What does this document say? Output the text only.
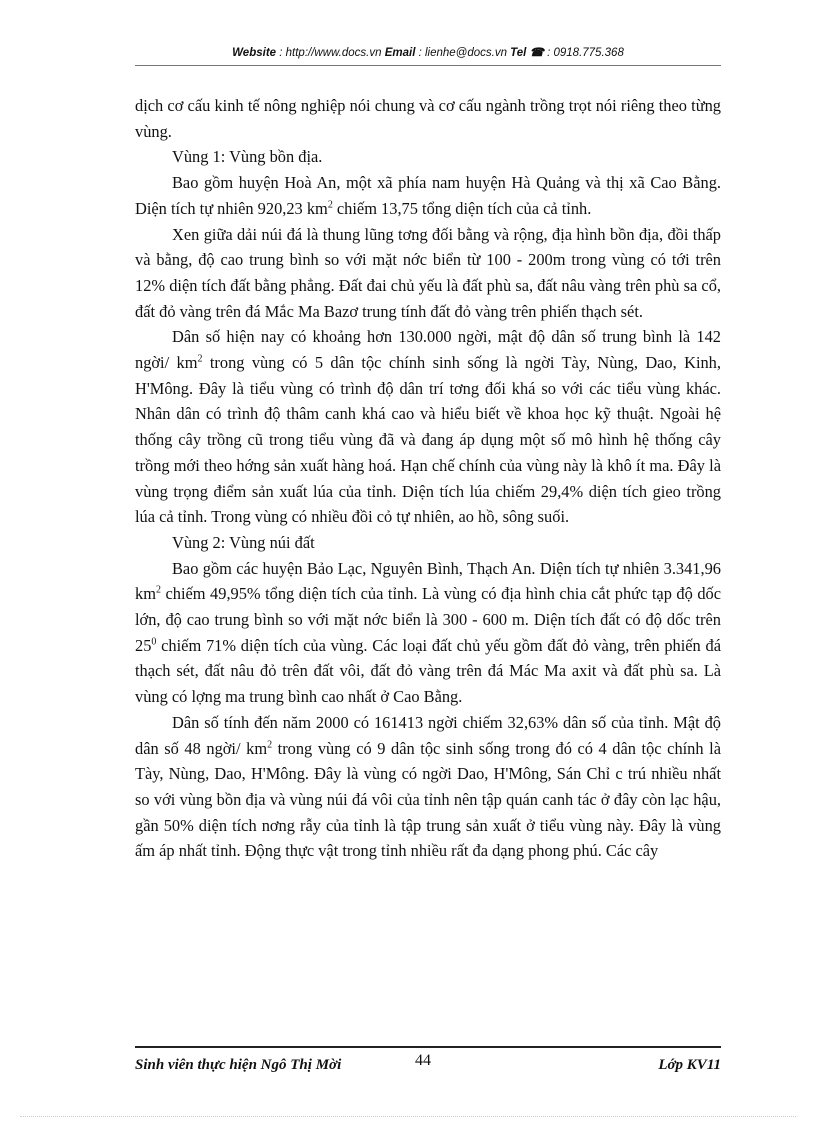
Website : http://www.docs.vn Email : lienhe@docs.vn Tel ☎ : 0918.775.368

dịch cơ cấu kinh tế nông nghiệp nói chung và cơ cấu ngành trồng trọt nói riêng theo từng vùng.

Vùng 1: Vùng bồn địa.

Bao gồm huyện Hoà An, một xã phía nam huyện Hà Quảng và thị xã Cao Bằng. Diện tích tự nhiên 920,23 $km^2$ chiếm 13,75 tổng diện tích của cả tỉnh.

Xen giữa dải núi đá là thung lũng tơng đối bằng và rộng, địa hình bồn địa, đồi thấp và bằng, độ cao trung bình so với mặt nớc biển từ 100 - 200m trong vùng có tới trên 12% diện tích đất bằng phẳng. Đất đai chủ yếu là đất phù sa, đất nâu vàng trên phù sa cổ, đất đỏ vàng trên đá Mắc Ma Bazơ trung tính đất đỏ vàng trên phiến thạch sét.

Dân số hiện nay có khoảng hơn 130.000 ngời, mật độ dân số trung bình là 142 ngời/ $km^2$ trong vùng có 5 dân tộc chính sinh sống là ngời Tày, Nùng, Dao, Kinh, H'Mông. Đây là tiểu vùng có trình độ dân trí tơng đối khá so với các tiểu vùng khác. Nhân dân có trình độ thâm canh khá cao và hiểu biết về khoa học kỹ thuật. Ngoài hệ thống cây trồng cũ trong tiểu vùng đã và đang áp dụng một số mô hình hệ thống cây trồng mới theo hớng sản xuất hàng hoá. Hạn chế chính của vùng này là khô ít ma. Đây là vùng trọng điểm sản xuất lúa của tỉnh. Diện tích lúa chiếm 29,4% diện tích gieo trồng lúa cả tỉnh. Trong vùng có nhiều đồi cỏ tự nhiên, ao hồ, sông suối.

Vùng 2: Vùng núi đất

Bao gồm các huyện Bảo Lạc, Nguyên Bình, Thạch An. Diện tích tự nhiên 3.341,96 $km^2$ chiếm 49,95% tổng diện tích của tỉnh. Là vùng có địa hình chia cắt phức tạp độ dốc lớn, độ cao trung bình so với mặt nớc biển là 300 - 600 m. Diện tích đất có độ dốc trên $25^0$ chiếm 71% diện tích của vùng. Các loại đất chủ yếu gồm đất đỏ vàng, trên phiến đá thạch sét, đất nâu đỏ trên đất vôi, đất đỏ vàng trên đá Mác Ma axit và đất phù sa. Là vùng có lợng ma trung bình cao nhất ở Cao Bằng.

Dân số tính đến năm 2000 có 161413 ngời chiếm 32,63% dân số của tỉnh. Mật độ dân số 48 ngời/ $km^2$ trong vùng có 9 dân tộc sinh sống trong đó có 4 dân tộc chính là Tày, Nùng, Dao, H'Mông. Đây là vùng có ngời Dao, H'Mông, Sán Chỉ c trú nhiều nhất so với vùng bồn địa và vùng núi đá vôi của tỉnh nên tập quán canh tác ở đây còn lạc hậu, gần 50% diện tích nơng rẫy của tỉnh là tập trung sản xuất ở tiểu vùng này. Đây là vùng ấm áp nhất tỉnh. Động thực vật trong tỉnh nhiều rất đa dạng phong phú. Các cây

Sinh viên thực hiện Ngô Thị Mời	44	Lớp KV11
